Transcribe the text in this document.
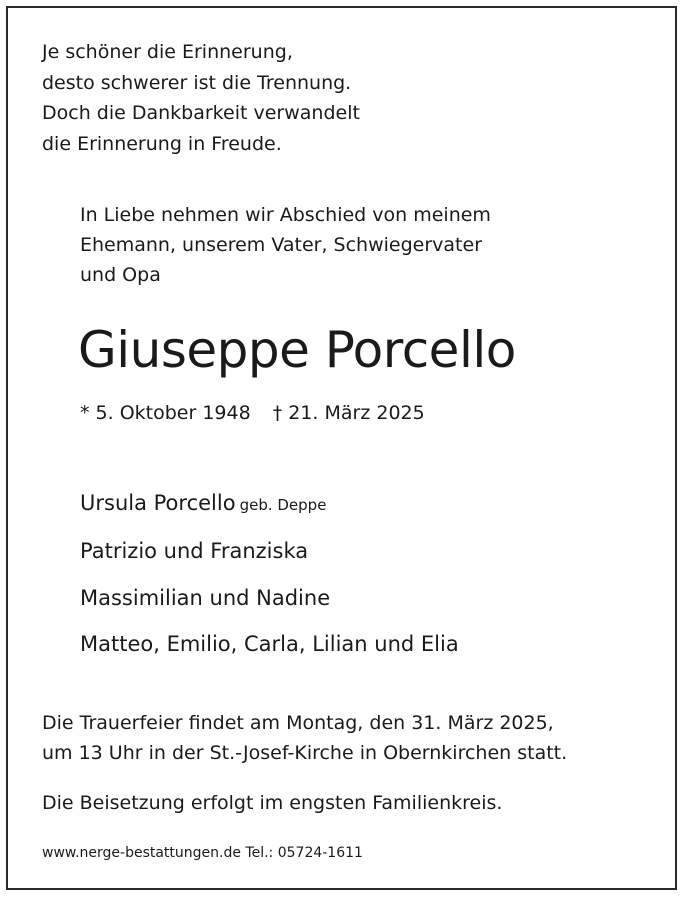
Je schöner die Erinnerung,
desto schwerer ist die Trennung.
Doch die Dankbarkeit verwandelt
die Erinnerung in Freude.
In Liebe nehmen wir Abschied von meinem
Ehemann, unserem Vater, Schwiegervater
und Opa
Giuseppe Porcello
* 5. Oktober 1948 † 21. März 2025
Ursula Porcello geb. Deppe
Patrizio und Franziska
Massimilian und Nadine
Matteo, Emilio, Carla, Lilian und Elia
Die Trauerfeier findet am Montag, den 31. März 2025,
um 13 Uhr in der St.-Josef-Kirche in Obernkirchen statt.
Die Beisetzung erfolgt im engsten Familienkreis.
www.nerge-bestattungen.de Tel.: 05724-1611
